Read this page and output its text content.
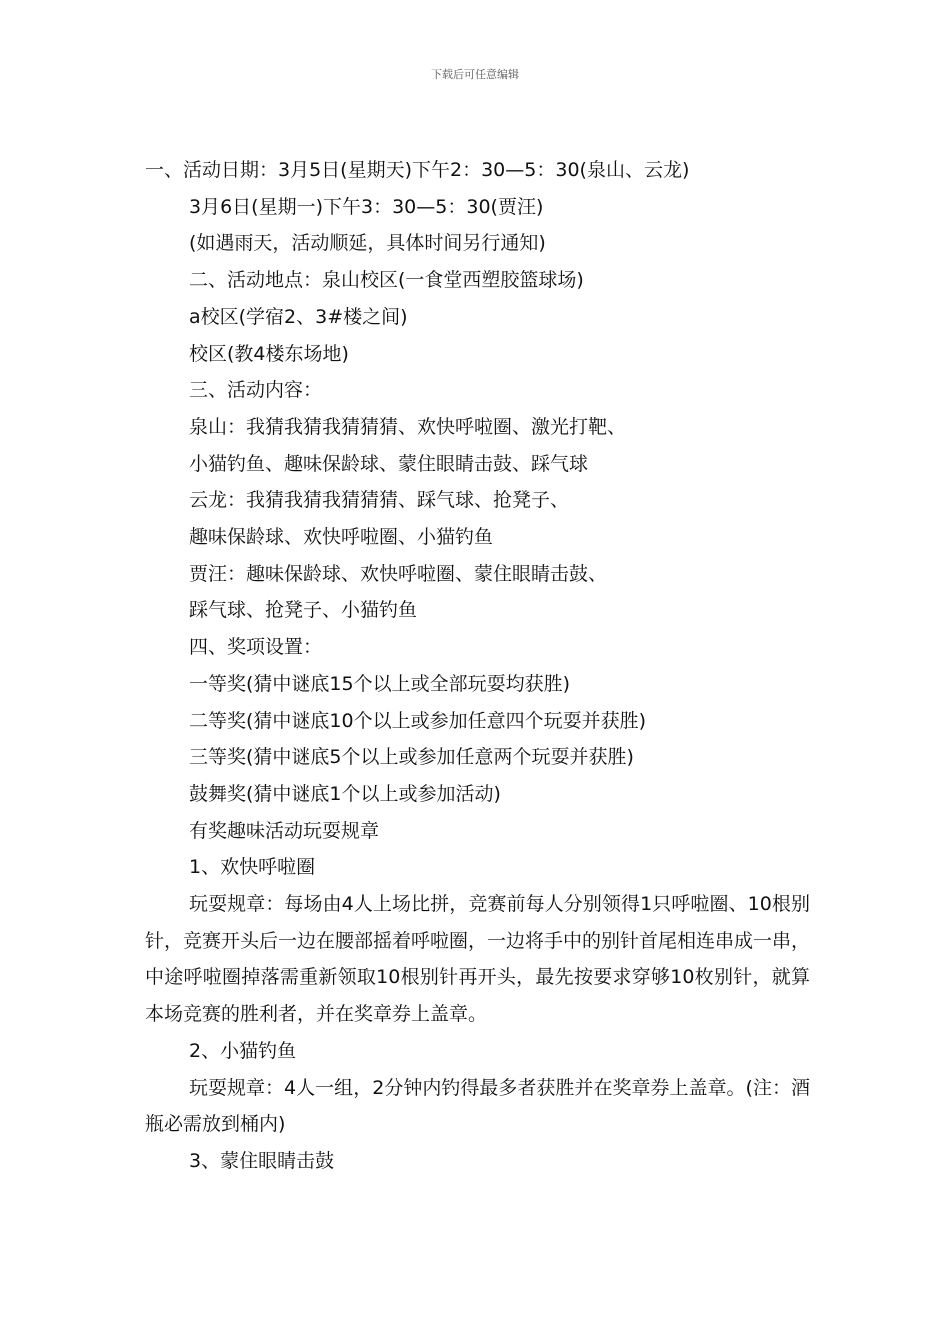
下载后可任意编辑
一、活动日期：3月5日(星期天)下午2：30—5：30(泉山、云龙)
3月6日(星期一)下午3：30—5：30(贾汪)
(如遇雨天，活动顺延，具体时间另行通知)
二、活动地点：泉山校区(一食堂西塑胶篮球场)
a校区(学宿2、3#楼之间)
校区(教4楼东场地)
三、活动内容：
泉山：我猜我猜我猜猜猜、欢快呼啦圈、激光打靶、
小猫钓鱼、趣味保龄球、蒙住眼睛击鼓、踩气球
云龙：我猜我猜我猜猜猜、踩气球、抢凳子、
趣味保龄球、欢快呼啦圈、小猫钓鱼
贾汪：趣味保龄球、欢快呼啦圈、蒙住眼睛击鼓、
踩气球、抢凳子、小猫钓鱼
四、奖项设置：
一等奖(猜中谜底15个以上或全部玩耍均获胜)
二等奖(猜中谜底10个以上或参加任意四个玩耍并获胜)
三等奖(猜中谜底5个以上或参加任意两个玩耍并获胜)
鼓舞奖(猜中谜底1个以上或参加活动)
有奖趣味活动玩耍规章
1、欢快呼啦圈
玩耍规章：每场由4人上场比拼，竞赛前每人分别领得1只呼啦圈、10根别针，竞赛开头后一边在腰部摇着呼啦圈，一边将手中的别针首尾相连串成一串，中途呼啦圈掉落需重新领取10根别针再开头，最先按要求穿够10枚别针，就算本场竞赛的胜利者，并在奖章券上盖章。
2、小猫钓鱼
玩耍规章：4人一组，2分钟内钓得最多者获胜并在奖章券上盖章。(注：酒瓶必需放到桶内)
3、蒙住眼睛击鼓
